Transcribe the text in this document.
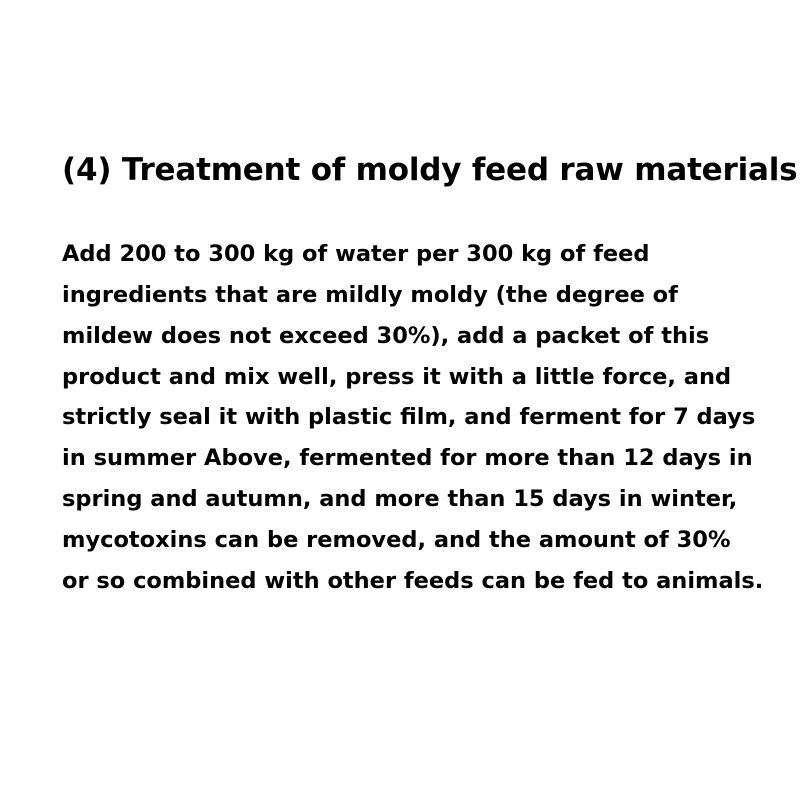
(4) Treatment of moldy feed raw materials

Add 200 to 300 kg of water per 300 kg of feed
ingredients that are mildly moldy (the degree of
mildew does not exceed 30%), add a packet of this
product and mix well, press it with a little force, and
strictly seal it with plastic film, and ferment for 7 days
in summer Above, fermented for more than 12 days in
spring and autumn, and more than 15 days in winter,
mycotoxins can be removed, and the amount of 30%
or so combined with other feeds can be fed to animals.
